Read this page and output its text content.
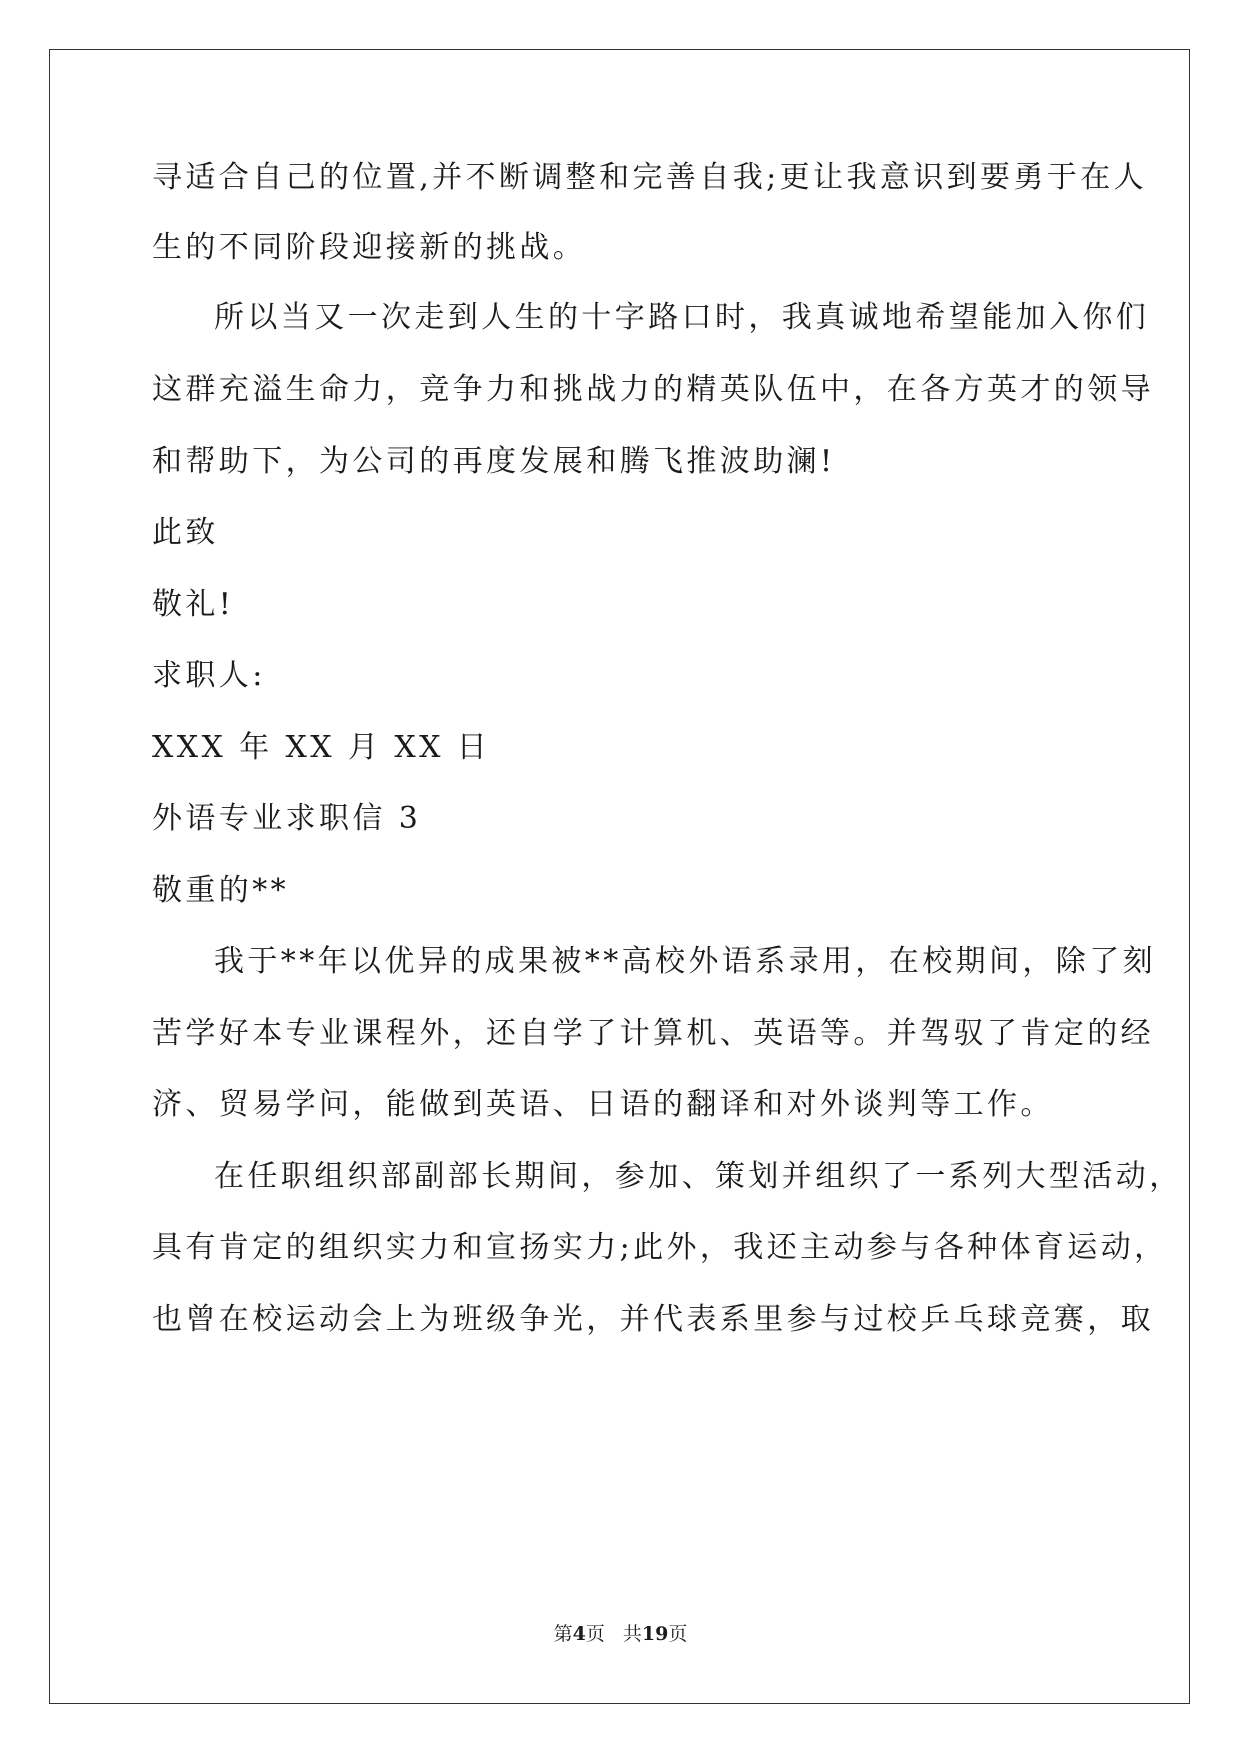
寻适合自己的位置,并不断调整和完善自我;更让我意识到要勇于在人
生的不同阶段迎接新的挑战。
所以当又一次走到人生的十字路口时，我真诚地希望能加入你们
这群充溢生命力，竞争力和挑战力的精英队伍中，在各方英才的领导
和帮助下，为公司的再度发展和腾飞推波助澜!
此致
敬礼!
求职人:
XXX 年 XX 月 XX 日
外语专业求职信 3
敬重的**
我于**年以优异的成果被**高校外语系录用，在校期间，除了刻
苦学好本专业课程外，还自学了计算机、英语等。并驾驭了肯定的经
济、贸易学问，能做到英语、日语的翻译和对外谈判等工作。
在任职组织部副部长期间，参加、策划并组织了一系列大型活动，
具有肯定的组织实力和宣扬实力;此外，我还主动参与各种体育运动，
也曾在校运动会上为班级争光，并代表系里参与过校乒乓球竞赛，取
第4页 共19页
